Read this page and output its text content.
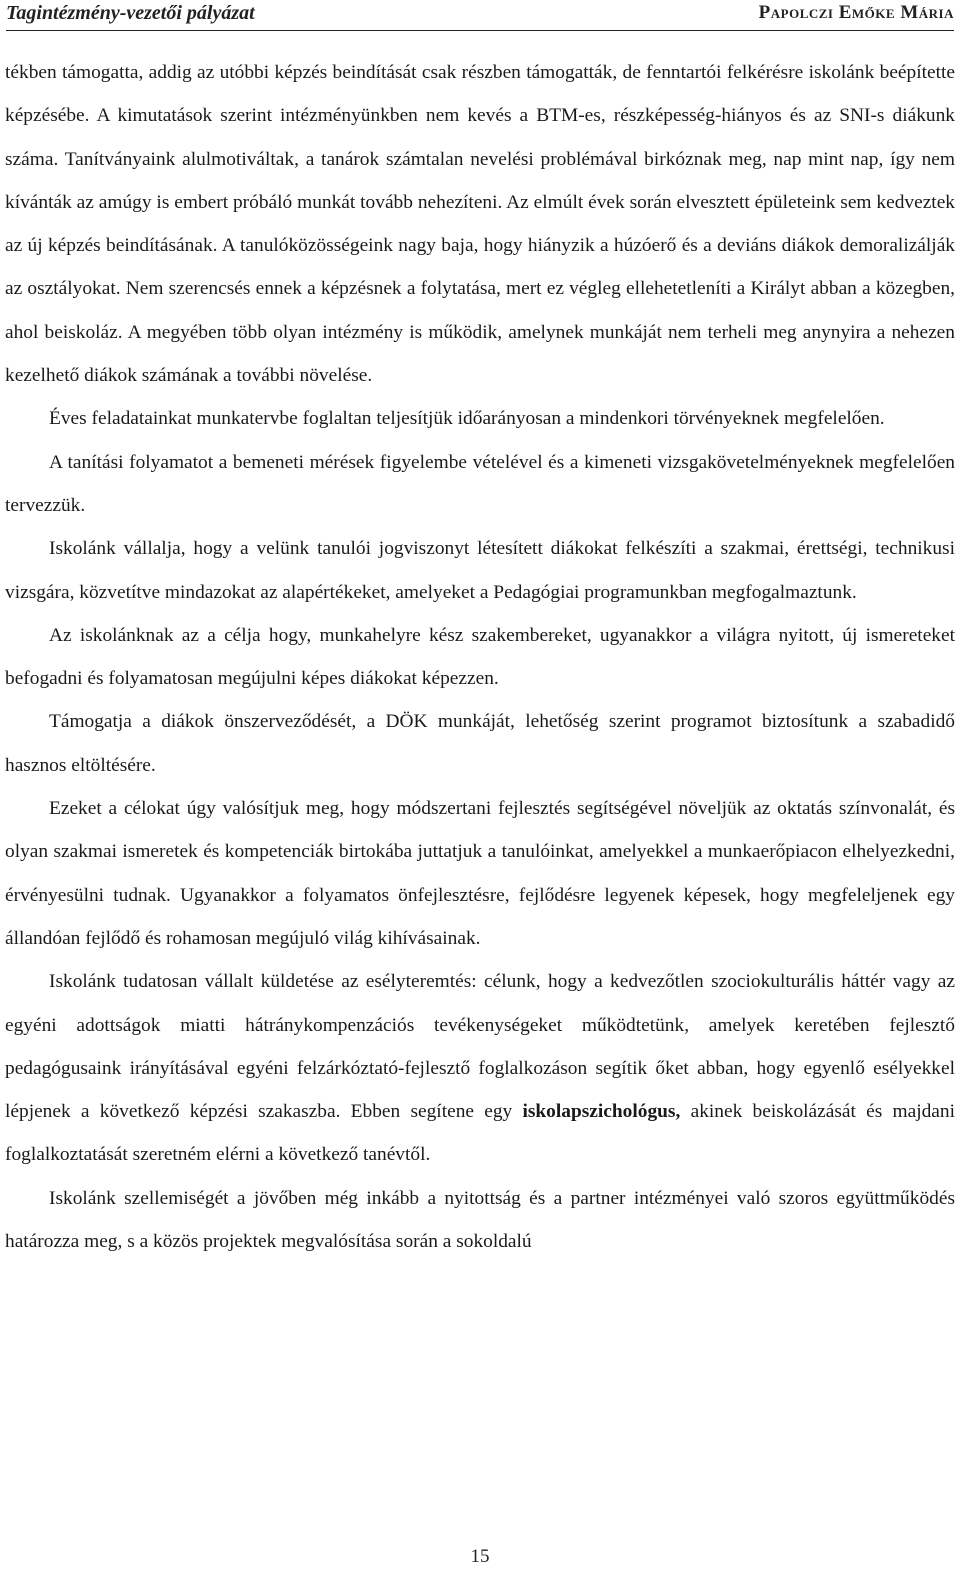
Tagintézmény-vezetői pályázat	Papolczi Emőke Mária

tékben támogatta, addig az utóbbi képzés beindítását csak részben támogatták, de fenntartói felkérésre iskolánk beépítette képzésébe. A kimutatások szerint intézményünkben nem kevés a BTM-es, részképesség-hiányos és az SNI-s diákunk száma. Tanítványaink alulmotiváltak, a tanárok számtalan nevelési problémával birkóznak meg, nap mint nap, így nem kívánták az amúgy is embert próbáló munkát tovább nehezíteni. Az elmúlt évek során elvesztett épületeink sem kedveztek az új képzés beindításának. A tanulóközösségeink nagy baja, hogy hiányzik a húzóerő és a deviáns diákok demoralizálják az osztályokat. Nem szerencsés ennek a képzésnek a folytatása, mert ez végleg ellehetetleníti a Királyt abban a közegben, ahol beiskoláz. A megyében több olyan intézmény is működik, amelynek munkáját nem terheli meg anynyira a nehezen kezelhető diákok számának a további növelése.

Éves feladatainkat munkatervbe foglaltan teljesítjük időarányosan a mindenkori törvényeknek megfelelően.

A tanítási folyamatot a bemeneti mérések figyelembe vételével és a kimeneti vizsgakövetelményeknek megfelelően tervezzük.

Iskolánk vállalja, hogy a velünk tanulói jogviszonyt létesített diákokat felkészíti a szakmai, érettségi, technikusi vizsgára, közvetítve mindazokat az alapértékeket, amelyeket a Pedagógiai programunkban megfogalmaztunk.

Az iskolánknak az a célja hogy, munkahelyre kész szakembereket, ugyanakkor a világra nyitott, új ismereteket befogadni és folyamatosan megújulni képes diákokat képezzen.

Támogatja a diákok önszerveződését, a DÖK munkáját, lehetőség szerint programot biztosítunk a szabadidő hasznos eltöltésére.

Ezeket a célokat úgy valósítjuk meg, hogy módszertani fejlesztés segítségével növeljük az oktatás színvonalát, és olyan szakmai ismeretek és kompetenciák birtokába juttatjuk a tanulóinkat, amelyekkel a munkaerőpiacon elhelyezkedni, érvényesülni tudnak. Ugyanakkor a folyamatos önfejlesztésre, fejlődésre legyenek képesek, hogy megfeleljenek egy állandóan fejlődő és rohamosan megújuló világ kihívásainak.

Iskolánk tudatosan vállalt küldetése az esélyteremtés: célunk, hogy a kedvezőtlen szociokulturális háttér vagy az egyéni adottságok miatti hátránykompenzációs tevékenységeket működtetünk, amelyek keretében fejlesztő pedagógusaink irányításával egyéni felzárkóztató-fejlesztő foglalkozáson segítik őket abban, hogy egyenlő esélyekkel lépjenek a következő képzési szakaszba. Ebben segítene egy iskolapszichológus, akinek beiskolázását és majdani foglalkoztatását szeretném elérni a következő tanévtől.

Iskolánk szellemiségét a jövőben még inkább a nyitottság és a partner intézményei való szoros együttműködés határozza meg, s a közös projektek megvalósítása során a sokoldalú

15
